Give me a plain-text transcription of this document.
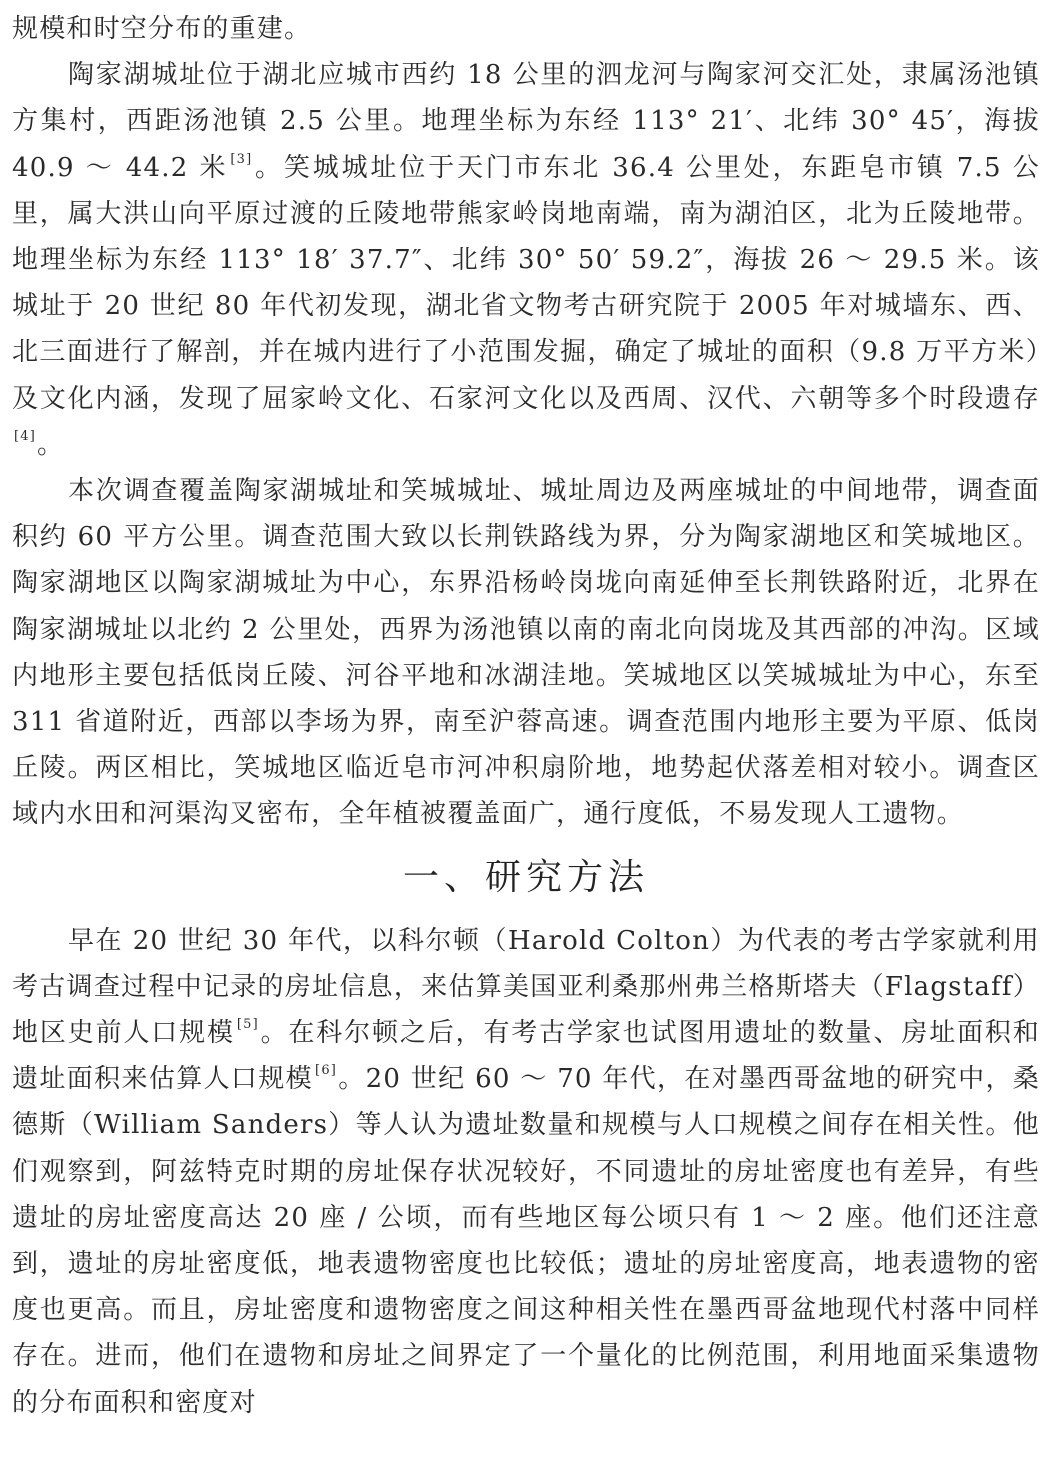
规模和时空分布的重建。

陶家湖城址位于湖北应城市西约 18 公里的泗龙河与陶家河交汇处，隶属汤池镇方集村，西距汤池镇 2.5 公里。地理坐标为东经 113° 21′、北纬 30° 45′，海拔 40.9 ～ 44.2 米 [3]。笑城城址位于天门市东北 36.4 公里处，东距皂市镇 7.5 公里，属大洪山向平原过渡的丘陵地带熊家岭岗地南端，南为湖泊区，北为丘陵地带。地理坐标为东经 113° 18′ 37.7″、北纬 30° 50′ 59.2″，海拔 26 ～ 29.5 米。该城址于 20 世纪 80 年代初发现，湖北省文物考古研究院于 2005 年对城墙东、西、北三面进行了解剖，并在城内进行了小范围发掘，确定了城址的面积（9.8 万平方米）及文化内涵，发现了屈家岭文化、石家河文化以及西周、汉代、六朝等多个时段遗存[4]。

本次调查覆盖陶家湖城址和笑城城址、城址周边及两座城址的中间地带，调查面积约 60 平方公里。调查范围大致以长荆铁路线为界，分为陶家湖地区和笑城地区。陶家湖地区以陶家湖城址为中心，东界沿杨岭岗垅向南延伸至长荆铁路附近，北界在陶家湖城址以北约 2 公里处，西界为汤池镇以南的南北向岗垅及其西部的冲沟。区域内地形主要包括低岗丘陵、河谷平地和冰湖洼地。笑城地区以笑城城址为中心，东至 311 省道附近，西部以李场为界，南至沪蓉高速。调查范围内地形主要为平原、低岗丘陵。两区相比，笑城地区临近皂市河冲积扇阶地，地势起伏落差相对较小。调查区域内水田和河渠沟叉密布，全年植被覆盖面广，通行度低，不易发现人工遗物。

一、研究方法

早在 20 世纪 30 年代，以科尔顿（Harold Colton）为代表的考古学家就利用考古调查过程中记录的房址信息，来估算美国亚利桑那州弗兰格斯塔夫（Flagstaff）地区史前人口规模 [5]。在科尔顿之后，有考古学家也试图用遗址的数量、房址面积和遗址面积来估算人口规模 [6]。20 世纪 60 ～ 70 年代，在对墨西哥盆地的研究中，桑德斯（William Sanders）等人认为遗址数量和规模与人口规模之间存在相关性。他们观察到，阿兹特克时期的房址保存状况较好，不同遗址的房址密度也有差异，有些遗址的房址密度高达 20 座 / 公顷，而有些地区每公顷只有 1 ～ 2 座。他们还注意到，遗址的房址密度低，地表遗物密度也比较低；遗址的房址密度高，地表遗物的密度也更高。而且，房址密度和遗物密度之间这种相关性在墨西哥盆地现代村落中同样存在。进而，他们在遗物和房址之间界定了一个量化的比例范围，利用地面采集遗物的分布面积和密度对
